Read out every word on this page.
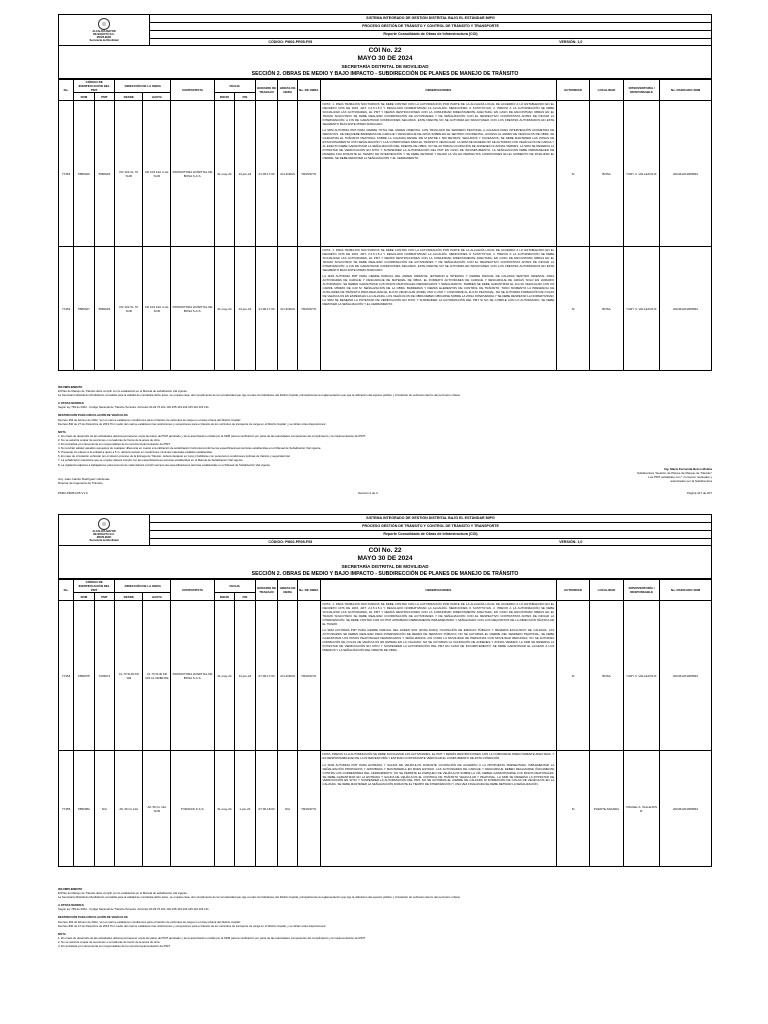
ALCALDÍA MAYOR
DE BOGOTÁ D.C.
MOVILIDAD
Secretaría de Movilidad
SISTEMA INTEGRADO DE GESTIÓN DISTRITAL BAJO EL ESTÁNDAR MIPG
PROCESO GESTIÓN DE TRÁNSITO Y CONTROL DE TRÁNSITO Y TRANSPORTE
Reporte Consolidado de Obras de Infraestructura (COI)
CÓDIGO: PM02-PR05-F05	VERSIÓN: 1,0
COI No. 22
MAYO 30 DE 2024
SECRETARÍA DISTRITAL DE MOVILIDAD
SECCIÓN 2. OBRAS DE MEDIO Y BAJO IMPACTO - SUBDIRECCIÓN DE PLANES DE MANEJO DE TRÁNSITO
No.	CÓDIGO DE IDENTIFICACIÓN DEL PMT		DIRECCIÓN DE LA OBRA		CONTRATISTA	FECHA		HORARIO DE TRABAJO	HORAS DE OBRA	No. DE OBRA	OBSERVACIONES	AUTORIDAD	LOCALIDAD	INTERVENTORÍA / RESPONSABLE	No. RADICADO SDM
	SDM	PMT	DESDE	HASTA		INICIO	FIN								
77453	5580026	5580026	KR 103 CL 70 SUR	KR 103 12A m AL SUR	PROMOTORA HOSPITAL DE BOSA S.A.S.	31-may-24	13-jun-24	21:00-17:00	24 HORAS	TRANSITO	NOTA: 1. PARA TRABAJOS NOCTURNOS SE DEBE CONTAR CON LA AUTORIZACIÓN POR PARTE DE LA ALCALDÍA LOCAL DE ACUERDO A LO ESTABLECIDO EN EL DECRETO 1076 DE 2015, ART. 2.2.5.1.5.4 Y REGULADO NORMATIVIDAD LA ALCALDÍA. MEDICIONES O SUSTITUYAN, 2. PREVIO A LA AUTORIZACIÓN SE DEBE SOCIALIZAR LAS ACTIVIDADES, EL PMT Y DEMÁS RESTRICCIONES CON LA COMUNIDAD DIRECTAMENTE AFECTADA; EN CASO DE ENCONTRAR OBRAS EN EL TRAMO SOLICITADO SE DEBE REALIZAR COORDINACIÓN DE ACTIVIDADES Y DE SEÑALIZACIÓN CON EL RESPECTIVO CONTRATISTA ANTES DE INICIAR LA INTERVENCIÓN. A FIN DE GARANTIZAR CONDICIONES SEGURAS, ESTE FRENTE NO SE AUTORIZA EN SIMULTÁNEO CON LOS FRENTES AUTORIZADOS EN ESTE SEGMENTO BAJO ESTE MISMO RADICADO.

LA SDM AUTORIZA PMT PARA CIERRE TOTAL DEL ANDEN ORIENTAL CON TRASLADO DE SENDERO PEATONAL A CALZADA PARA INTERVENCIÓN ACOMETIDA DE SERVICIOS. SE REQUIERE BARRERAS DE CARGUE Y DESCARGUE DE GRÚA SOBRE EN EL SENTIDO OCCIDENTAL, ACCESO AL ANDEN DE VEHÍCULOS DE OBRA. SE GARANTIZA EL TRÁNSITO PEATONAL SOBRE LA CALZADA DESDE 300 M ENTRE 1 500 METROS; SEGUIDOS Y SUCESIVOS; SE DEBE MANTENER LAS ZONAS DE ESTACIONAMIENTO CON SEÑALIZACIÓN Y LAS CONDICIONES PARA EL TRÁNSITO VEHICULAR; LA SDM DE MANERA NO SE AUTORIZA CON VEHÍCULOS DE CARGA Y AL EFECTO DEBE GARANTIZAR LA SEÑALIZACIÓN DEL FRENTE DE OBRA. NO SE AUTORIZA OCUPACIÓN DE ANDENES NI ZONAS VERDES; LA SDM SE RESERVA LA POTESTAD DE VERIFICACIÓN EN SITIO Y SUSPENDER LA AUTORIZACIÓN DEL PMT EN CASO DE INCUMPLIMIENTO; LA SEÑALIZACIÓN DEBE PERMANECER DE MANERA FIJA DURANTE EL TIEMPO DE INTERVENCIÓN Y SE DEBE RETIRAR Y DEJAR LA VÍA EN PERFECTAS CONDICIONES EN EL MOMENTO DE FINALIZAR EL CIERRE. SE DEBE REMOVER LA SEÑALIZACIÓN Y EL CERRAMIENTO.	SI	BOSA	YURY V. VALLEJOS R.	202461201905832
77453	5580027	5580026	KR 103 CL 70 SUR	KR 103 12A m AL SUR	PROMOTORA HOSPITAL DE BOSA S.A.S.	31-may-24	13-jun-24	21:00-17:00	24 HORAS	TRANSITO	NOTA: 1. PARA TRABAJOS NOCTURNOS SE DEBE CONTAR CON LA AUTORIZACIÓN POR PARTE DE LA ALCALDÍA LOCAL DE ACUERDO A LO ESTABLECIDO EN EL DECRETO 1076 DE 2015, ART. 2.2.5.1.5.4 Y REGULADO NORMATIVIDAD LA ALCALDÍA. MEDICIONES O SUSTITUYAN, 2. PREVIO A LA AUTORIZACIÓN SE DEBE SOCIALIZAR LAS ACTIVIDADES, EL PMT Y DEMÁS RESTRICCIONES CON LA COMUNIDAD DIRECTAMENTE AFECTADA; EN CASO DE ENCONTRAR OBRAS EN EL TRAMO SOLICITADO SE DEBE REALIZAR COORDINACIÓN DE ACTIVIDADES Y DE SEÑALIZACIÓN CON EL RESPECTIVO CONTRATISTA ANTES DE INICIAR LA INTERVENCIÓN. A FIN DE GARANTIZAR CONDICIONES SEGURAS, ESTE FRENTE NO SE AUTORIZA EN SIMULTÁNEO CON LOS FRENTES AUTORIZADOS EN ESTE SEGMENTO BAJO ESTE MISMO RADICADO.

LA SDM AUTORIZA PMT PARA CIERRE PARCIAL DEL ANDEN ORIENTAL (EXTERNO E INTERNO) Y CIERRE PARCIAL DE CALZADA SENTIDO ORIENTAL PARA ACTIVIDADES DE CARGUE Y DESCARGUE DE MATERIAL DE OBRA. EL FORMATO ACTIVIDADES DE CARGUE Y DESCARGUE DE GRÚAS SOLO EN HORARIO AUTORIZADO. SE DEBEN GARANTIZAR LOS PASOS PEATONALES DEMARCADOS Y SEÑALIZADOS; TAMBIÉN SE DEBE GARANTIZAR EL FLUJO VEHICULAR CON UN CARRIL MÍNIMO DE 3.00 M. SEÑALIZACIÓN DE LA OBRA: BARRERAS Y DEMÁS ELEMENTOS DE CONTROL DE TRÁNSITO; TODO MOMENTO LA PRESENCIA DE AUXILIARES DE TRÁNSITO PARA REALIZAR EL FLUJO VEHICULAR (PARE) UNO A UNO Y CONFORME AL FLUJO PEATONAL; NO SE AUTORIZA FORMACIÓN DE COLAS DE VEHÍCULOS EN ESPERA EN LA CALZADA, LOS VEHÍCULOS DE OBRA DEBEN UBICARSE SOBRE LA ZONA INTERVENIDA Y SE DEBE RESPETAR LA NORMATIVIDAD; LA SDM SE RESERVA LA POTESTAD DE VERIFICACIÓN EN SITIO Y SUSPENDER LA AUTORIZACIÓN DEL PMT SI NO SE CUMPLE CON LO AUTORIZADO. SE DEBE REMOVER LA SEÑALIZACIÓN Y EL CERRAMIENTO.	SI	BOSA	YURY V. VALLEJOS R.	202461201905832
INCUMPLIMIENTO
El Plan de Manejo de Tránsito debe cumplir con lo establecido en el Manual de señalización vial vigente.
La Secretaría Distrital de Movilidad lo convalida para la calidad de contratista dicho aviso, se emplea casa, del cumplimiento de la normatividad que rige a todos los habitantes del Distrito Capital, principalmente la reglamentación que rige la utilización del espacio público y circulación de vehículos dentro del perímetro urbano.
A OTRAS NORMAS
Según ley 769 de 2002 - Código Nacional de Tránsito Terrestre. Artículos 60.29.76.101.104.105.103.104.105.110.115.131.
RESTRICCIÓN PARA CIRCULACIÓN DE VEHÍCULOS
Decreto 294 de febrero de 2022, 'por el cual se establecen condiciones para el tránsito de vehículos de carga en el área urbana del Distrito Capital'.
Decreto 840 de 27 de Diciembre de 2019 'Por medio del cual se establecen las restricciones y excepciones para el tránsito de los vehículos de transporte de carga en el Distrito Capital, y se dictan otras disposiciones'.
NOTA
1. El ornato de desarrollo de las actividades deberá permanecer copia del plano del PMT aprobado y de la autorización emitida por la SDM para la verificación por parte de las autoridades competentes del cumplimiento y la implementación del PMT.
2. No se autoriza ocupar de secciones o nervaduras de frente de la acera de obra.
3. El contratista y/o interventoría son responsables de la correcta implementación del PMT.
4. No tendrán validez aquellos supuestos de cualquier diferencia en cuanto a la utilización de señalización horizontal conforme las especificaciones técnicas establecidas en el Manual de Señalización Vial vigente.
5. Presentar los planos a la entidad a quien a 5 m, deberán actuar en condiciones mínimas materiales estables establecidas.
6. En caso de circulación vehicular por el sitio/en proceso de la Entrega de Tránsito, deberá destacar en zona y habiliarse con personal en condiciones óptimas de tránsito y seguridad vial.
7. La señalización transitoria que se emplee deberá cumplir con las especificaciones técnicas establecidas en el Manual de Señalización Vial vigente.
8. La vigilancia adjuntos a trabajadores para terceros de cada deberá cumplir siempre las especificaciones técnicas establecidas en el Manual de Señalización Vial vigente.
Arq. Juan Camilo Rodríguez Cárdenas
Director de Ingeniería de Tránsito
Ing. María Fernanda Bravo Molina
Subdirectora "Gestión de Planes de Manejo de Tránsito"
Los PMT señalados con * no fueron revisados y
autorizados por la Subdirectora
PM02-PR05-F05 V1,0	Sección 2 de 2	Página 117 de 207
ALCALDÍA MAYOR
DE BOGOTÁ D.C.
MOVILIDAD
Secretaría de Movilidad
SISTEMA INTEGRADO DE GESTIÓN DISTRITAL BAJO EL ESTÁNDAR MIPG
PROCESO GESTIÓN DE TRÁNSITO Y CONTROL DE TRÁNSITO Y TRANSPORTE
Reporte Consolidado de Obras de Infraestructura (COI)
CÓDIGO: PM02-PR05-F05	VERSIÓN: 1,0
COI No. 22
MAYO 30 DE 2024
SECRETARÍA DISTRITAL DE MOVILIDAD
SECCIÓN 2. OBRAS DE MEDIO Y BAJO IMPACTO - SUBDIRECCIÓN DE PLANES DE MANEJO DE TRÁNSITO
No.	CÓDIGO DE IDENTIFICACIÓN DEL PMT		DIRECCIÓN DE LA OBRA		CONTRATISTA	FECHA		HORARIO DE TRABAJO	HORAS DE OBRA	No. DE OBRA	OBSERVACIONES	AUTORIDAD	LOCALIDAD	INTERVENTORÍA / RESPONSABLE	No. RADICADO SDM
	SDM	PMT	DESDE	HASTA		INICIO	FIN								
77454	5580075	7235072	CL 73 SUR KR 103	CL 73 SUR KR 103 AL ORIENTE	PROMOTORA HOSPITAL DE BOSA S.A.S.	31-may-24	13-jun-24	07:00-17:00	24 HORAS	TRANSITO	NOTA: 1. PARA TRABAJOS NOCTURNOS SE DEBE CONTAR CON LA AUTORIZACIÓN POR PARTE DE LA ALCALDÍA LOCAL DE ACUERDO A LO ESTABLECIDO EN EL DECRETO 1076 DE 2015, ART. 2.2.5.1.5.4 Y REGULADO NORMATIVIDAD LA ALCALDÍA. MEDICIONES O SUSTITUYAN, 2. PREVIO A LA AUTORIZACIÓN SE DEBE SOCIALIZAR LAS ACTIVIDADES, EL PMT Y DEMÁS RESTRICCIONES CON LA COMUNIDAD DIRECTAMENTE AFECTADA; EN CASO DE ENCONTRAR OBRAS EN EL TRAMO SOLICITADO SE DEBE REALIZAR COORDINACIÓN DE ACTIVIDADES Y DE SEÑALIZACIÓN CON EL RESPECTIVO CONTRATISTA ANTES DE INICIAR LA INTERVENCIÓN. SE DEBE CONTAR CON UN PMT APROBADO DEBIDAMENTE IMPLEMENTADO Y SEÑALIZADO CON LOS REQUISITOS DE LA DIRECCIÓN TÉCNICA DE EL TRAMO.

LA SDM AUTORIZA PMT PARA CIERRE PARCIAL DEL ANDEN SUR (ZONA DURA) OCUPACIÓN DE ESPACIO PÚBLICO Y RESERVA EXCLUSIVO DE CALZADA. LAS ACTIVIDADES SE DEBEN REALIZAR PARA INTERVENCIÓN DE REDES DE SERVICIO PÚBLICO; NO SE AUTORIZA EL CIERRE DEL SENDERO PEATONAL, SE DEBE GARANTIZAR LOS PASOS PEATONALES DEMARCADOS Y SEÑALIZADOS; ASÍ COMO LA MOVILIDAD DE PERSONAS CON MOVILIDAD REDUCIDA; NO SE AUTORIZA FORMACIÓN DE COLAS DE VEHÍCULOS EN ESPERA EN LA CALZADA; NO SE AUTORIZA LA OCUPACIÓN DE ANDENES Y ZONAS VERDES; LA SDM SE RESERVA LA POTESTAD DE VERIFICACIÓN EN SITIO Y SUSPENDER LA AUTORIZACIÓN DEL PMT EN CASO DE INCUMPLIMIENTO; SE DEBE GARANTIZAR EL ACCESO A LOS PREDIOS Y LA SEÑALIZACIÓN DEL FRENTE DE OBRA.	SI	BOSA	YURY V. VALLEJOS R.	202461201905832
77455	5580382	N/A	AK 30 CL 11A	AK 30 CL 11A SUR	TOMAVAS S.A.S.	31-may-24	1-jun-24	07:00-18:00	N/A	TRANSITO	NOTA: PREVIO A LA AUTORIZACIÓN SE DEBE SOCIALIZAR LAS ACTIVIDADES, EL PMT Y DEMÁS RESTRICCIONES CON LA COMUNIDAD DIRECTAMENTE AFECTADA. Y ES RESPONSABILIDAD DE LA INTERVENTORÍA Y ENTIDAD CONTRATANTE VERIFICAR EL CUMPLIMIENTO DE ESTA CONDICIÓN.

LA SDM AUTORIZA PMT PARA ENTRADA Y SALIDA DE VEHÍCULOS DURANTE OCUPACIÓN DE ACUERDO A LA PROPUESTA PRESENTADA, IMPLEMENTAR LA SEÑALIZACIÓN PROPUESTA Y APROBADA Y MANTENERLA EN BUEN ESTADO. LAS ACTIVIDADES DE CARGUE Y DESCARGUE DEBEN REALIZARSE ÚNICAMENTE CONTRA LOS CORREDORES DEL CERRAMIENTO; NO SE PERMITE EL PARQUEO DE VEHÍCULOS SOBRE LA VÍA; DEBEN GARANTIZARSE LOS PASOS PEATONALES. SE DEBE GARANTIZAR EN LA ENTRADA Y SALIDA DE VEHÍCULOS EL CONTROL DE TRÁNSITO VEHICULAR Y PEATONAL. LA SDM SE RESERVA LA POTESTAD DE VERIFICACIÓN EN SITIO Y SUSPENDER LA AUTORIZACIÓN DEL PMT. NO SE AUTORIZA EL CIERRE DE CALZADA NI FORMACIÓN DE COLAS DE VEHÍCULOS EN LA CALZADA. SE DEBE MANTENER LA SEÑALIZACIÓN DURANTE EL TIEMPO DE INTERVENCIÓN Y UNA VEZ FINALIZADA SE DEBE RETIRAR LA SEÑALIZACIÓN.	SI	PUENTE ARANDA	MIGUEL A. VALLEJOS R.	202461201905832
INCUMPLIMIENTO
El Plan de Manejo de Tránsito debe cumplir con lo establecido en el Manual de señalización vial vigente.
La Secretaría Distrital de Movilidad lo convalida para la calidad de contratista dicho aviso, se emplea casa, del cumplimiento de la normatividad que rige a todos los habitantes del Distrito Capital, principalmente la reglamentación que rige la utilización del espacio público y circulación de vehículos dentro del perímetro urbano.
A OTRAS NORMAS
Según ley 769 de 2002 - Código Nacional de Tránsito Terrestre. Artículos 60.29.76.101.104.105.103.104.105.110.115.131.
RESTRICCIÓN PARA CIRCULACIÓN DE VEHÍCULOS
Decreto 294 de febrero de 2022, 'por el cual se establecen condiciones para el tránsito de vehículos de carga en el área urbana del Distrito Capital'.
Decreto 840 de 27 de Diciembre de 2019 'Por medio del cual se establecen las restricciones y excepciones para el tránsito de los vehículos de transporte de carga en el Distrito Capital, y se dictan otras disposiciones'.
NOTA
1. El ornato de desarrollo de las actividades deberá permanecer copia del plano del PMT aprobado y de la autorización emitida por la SDM para la verificación por parte de las autoridades competentes del cumplimiento y la implementación del PMT.
2. No se autoriza ocupar de secciones o nervaduras de frente de la acera de obra.
3. El contratista y/o interventoría son responsables de la correcta implementación del PMT.
